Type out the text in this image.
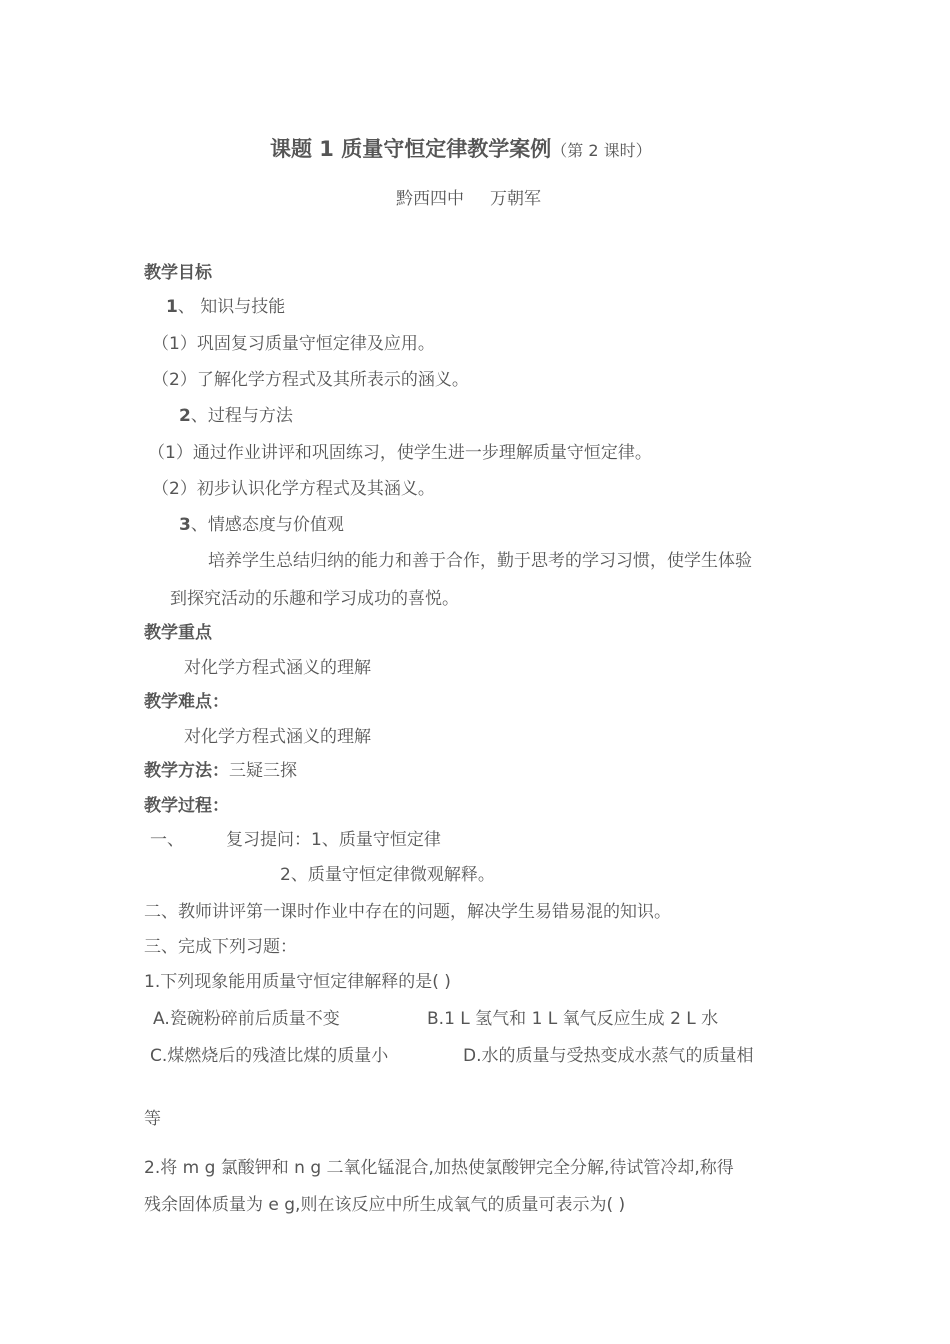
课题 1 质量守恒定律教学案例（第 2 课时）
黔西四中 万朝军
教学目标
1、 知识与技能
（1）巩固复习质量守恒定律及应用。
（2）了解化学方程式及其所表示的涵义。
2、过程与方法
（1）通过作业讲评和巩固练习，使学生进一步理解质量守恒定律。
（2）初步认识化学方程式及其涵义。
3、情感态度与价值观
培养学生总结归纳的能力和善于合作，勤于思考的学习习惯，使学生体验
到探究活动的乐趣和学习成功的喜悦。
教学重点
对化学方程式涵义的理解
教学难点：
对化学方程式涵义的理解
教学方法：三疑三探
教学过程：
一、 复习提问：1、质量守恒定律
2、质量守恒定律微观解释。
二、教师讲评第一课时作业中存在的问题，解决学生易错易混的知识。
三、完成下列习题：
1.下列现象能用质量守恒定律解释的是( )
A.瓷碗粉碎前后质量不变	B.1 L 氢气和 1 L 氧气反应生成 2 L 水
C.煤燃烧后的残渣比煤的质量小	D.水的质量与受热变成水蒸气的质量相
等
2.将 m g 氯酸钾和 n g 二氧化锰混合,加热使氯酸钾完全分解,待试管冷却,称得
残余固体质量为 e g,则在该反应中所生成氧气的质量可表示为( )
